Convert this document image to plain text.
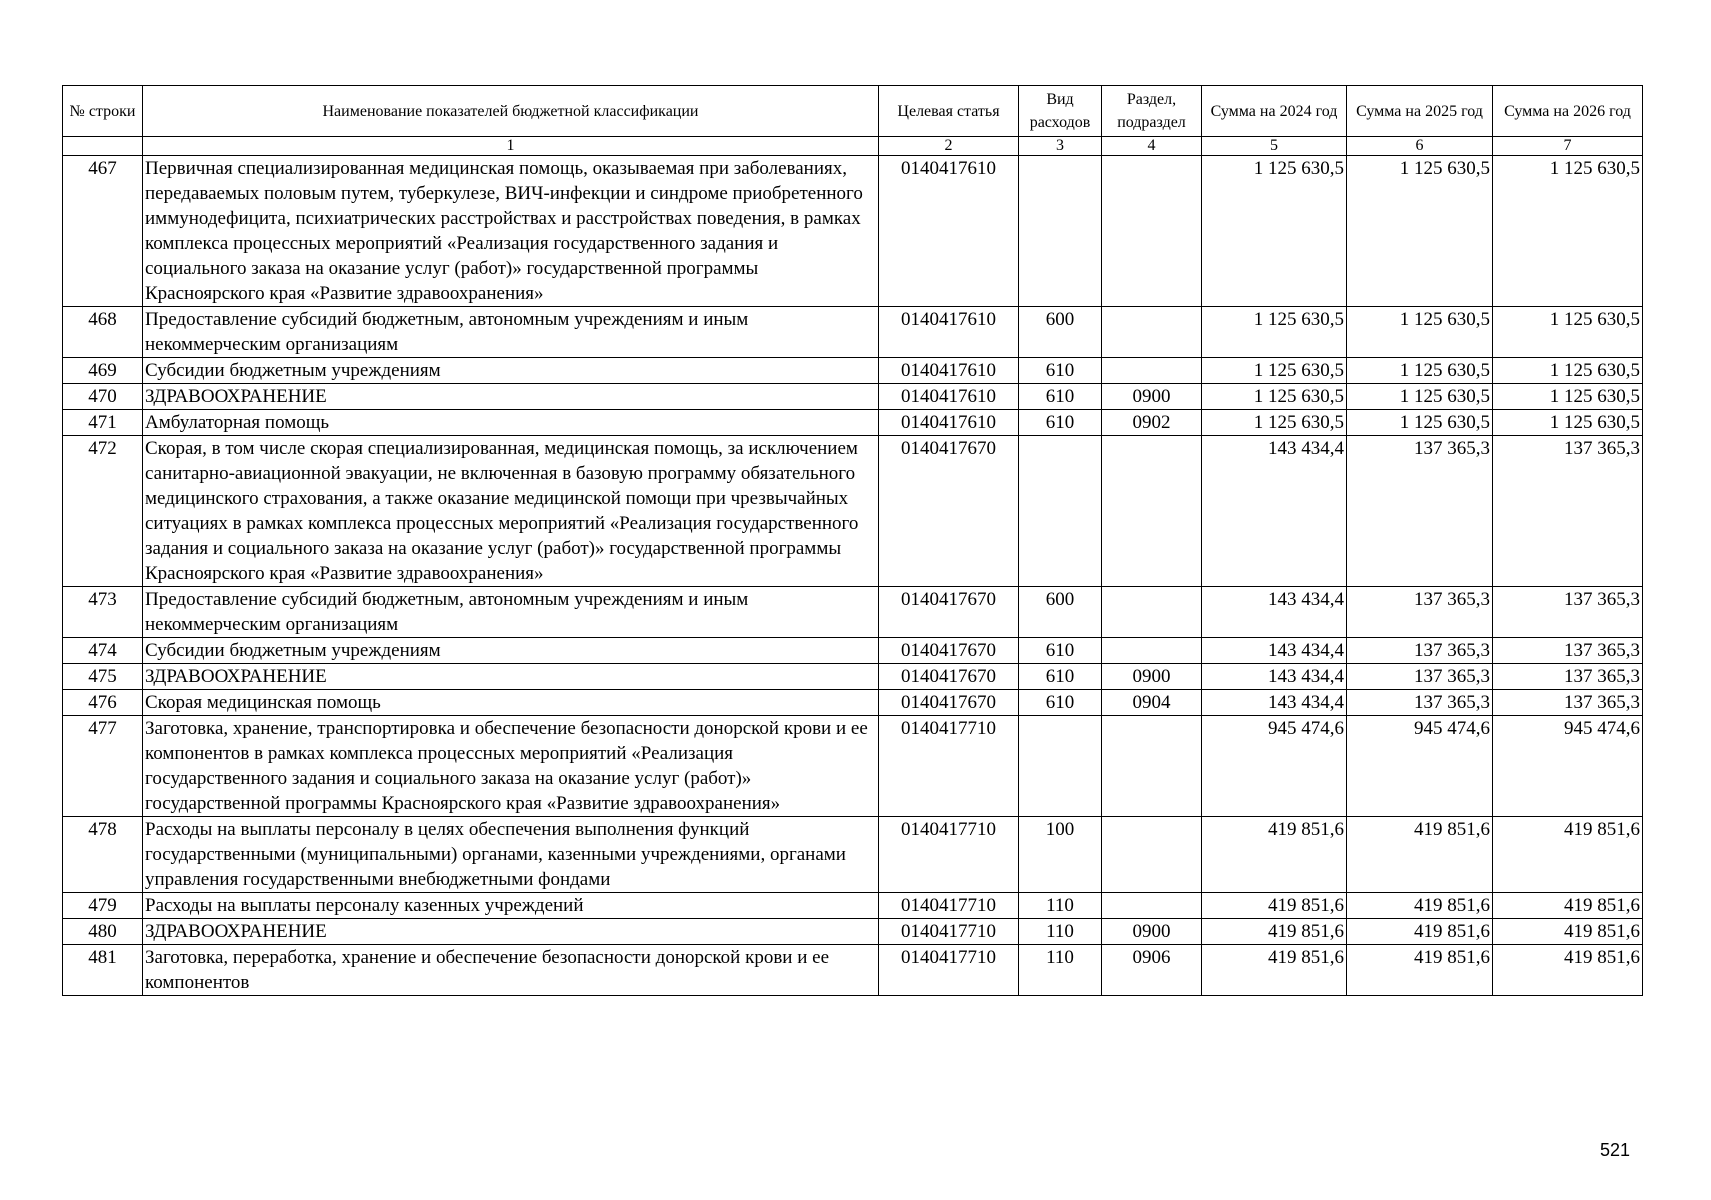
№ строки	Наименование показателей бюджетной классификации	Целевая статья	Вид расходов	Раздел, подраздел	Сумма на 2024 год	Сумма на 2025 год	Сумма на 2026 год
	1	2	3	4	5	6	7
467	Первичная специализированная медицинская помощь, оказываемая при заболеваниях, передаваемых половым путем, туберкулезе, ВИЧ-инфекции и синдроме приобретенного иммунодефицита, психиатрических расстройствах и расстройствах поведения, в рамках комплекса процессных мероприятий «Реализация государственного задания и социального заказа на оказание услуг (работ)» государственной программы Красноярского края «Развитие здравоохранения»	0140417610			1 125 630,5	1 125 630,5	1 125 630,5
468	Предоставление субсидий бюджетным, автономным учреждениям и иным некоммерческим организациям	0140417610	600		1 125 630,5	1 125 630,5	1 125 630,5
469	Субсидии бюджетным учреждениям	0140417610	610		1 125 630,5	1 125 630,5	1 125 630,5
470	ЗДРАВООХРАНЕНИЕ	0140417610	610	0900	1 125 630,5	1 125 630,5	1 125 630,5
471	Амбулаторная помощь	0140417610	610	0902	1 125 630,5	1 125 630,5	1 125 630,5
472	Скорая, в том числе скорая специализированная, медицинская помощь, за исключением санитарно-авиационной эвакуации, не включенная в базовую программу обязательного медицинского страхования, а также оказание медицинской помощи при чрезвычайных ситуациях в рамках комплекса процессных мероприятий «Реализация государственного задания и социального заказа на оказание услуг (работ)» государственной программы Красноярского края «Развитие здравоохранения»	0140417670			143 434,4	137 365,3	137 365,3
473	Предоставление субсидий бюджетным, автономным учреждениям и иным некоммерческим организациям	0140417670	600		143 434,4	137 365,3	137 365,3
474	Субсидии бюджетным учреждениям	0140417670	610		143 434,4	137 365,3	137 365,3
475	ЗДРАВООХРАНЕНИЕ	0140417670	610	0900	143 434,4	137 365,3	137 365,3
476	Скорая медицинская помощь	0140417670	610	0904	143 434,4	137 365,3	137 365,3
477	Заготовка, хранение, транспортировка и обеспечение безопасности донорской крови и ее компонентов в рамках комплекса процессных мероприятий «Реализация государственного задания и социального заказа на оказание услуг (работ)» государственной программы Красноярского края «Развитие здравоохранения»	0140417710			945 474,6	945 474,6	945 474,6
478	Расходы на выплаты персоналу в целях обеспечения выполнения функций государственными (муниципальными) органами, казенными учреждениями, органами управления государственными внебюджетными фондами	0140417710	100		419 851,6	419 851,6	419 851,6
479	Расходы на выплаты персоналу казенных учреждений	0140417710	110		419 851,6	419 851,6	419 851,6
480	ЗДРАВООХРАНЕНИЕ	0140417710	110	0900	419 851,6	419 851,6	419 851,6
481	Заготовка, переработка, хранение и обеспечение безопасности донорской крови и ее компонентов	0140417710	110	0906	419 851,6	419 851,6	419 851,6
521
